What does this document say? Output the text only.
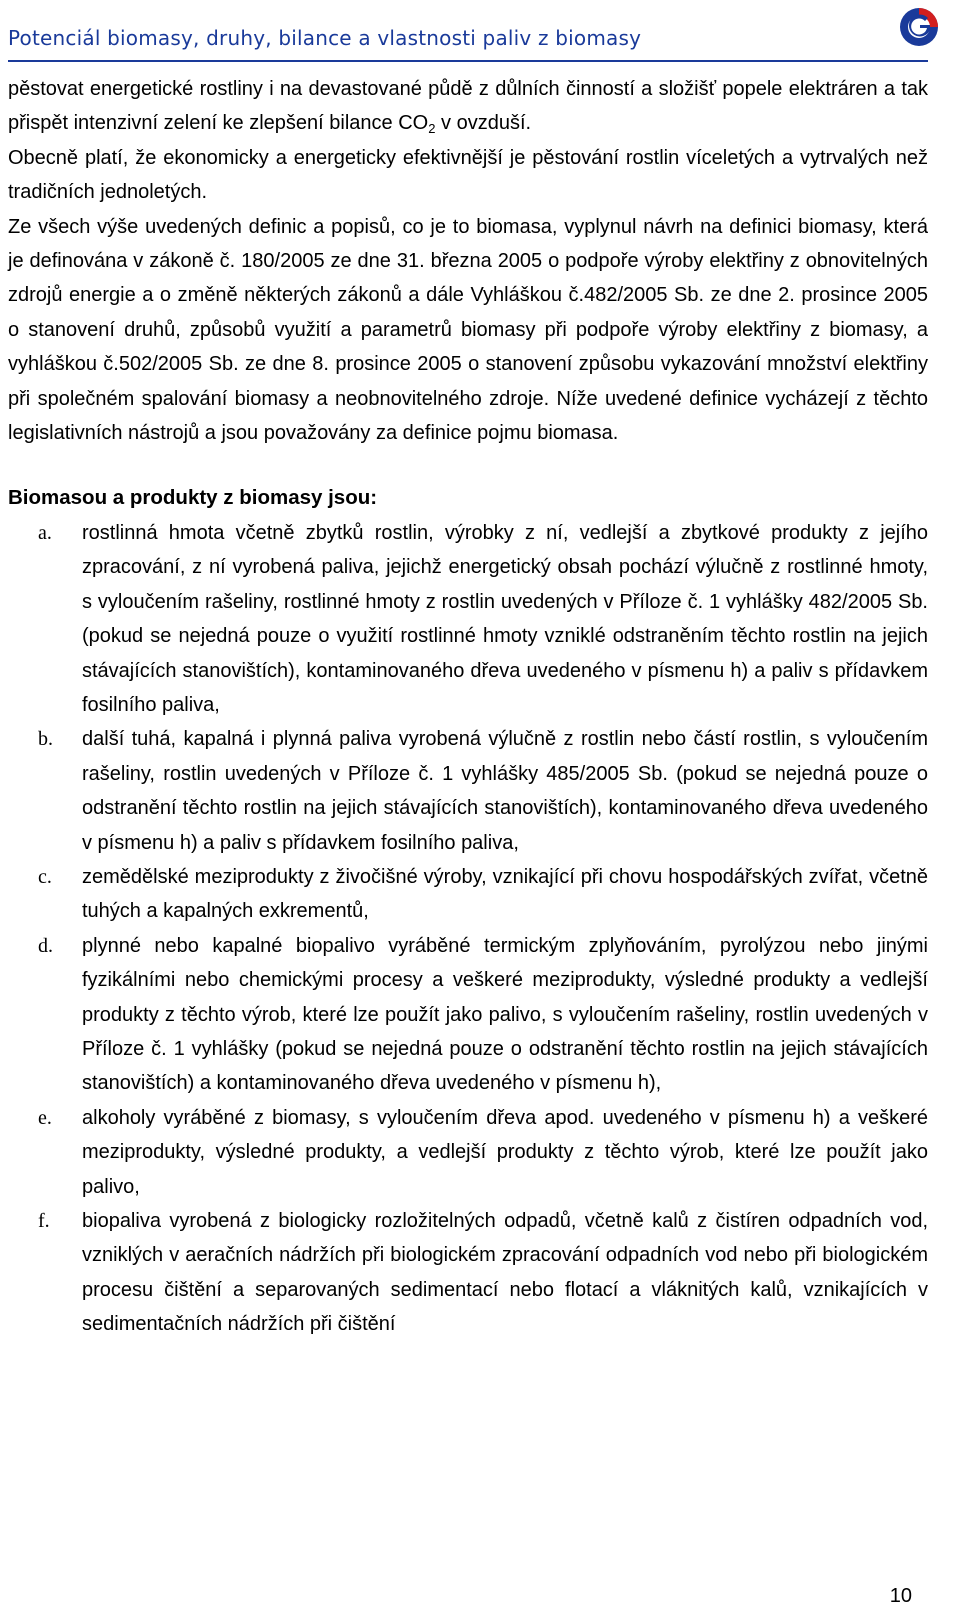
Potenciál biomasy, druhy, bilance a vlastnosti paliv z biomasy

pěstovat energetické rostliny i na devastované půdě z důlních činností a složišť popele elektráren a tak přispět intenzivní zelení ke zlepšení bilance $CO_2$ v ovzduší.

Obecně platí, že ekonomicky a energeticky efektivnější je pěstování rostlin víceletých a vytrvalých než tradičních jednoletých.

Ze všech výše uvedených definic a popisů, co je to biomasa, vyplynul návrh na definici biomasy, která je definována v zákoně č. 180/2005 ze dne 31. března 2005 o podpoře výroby elektřiny z obnovitelných zdrojů energie a o změně některých zákonů a dále Vyhláškou č.482/2005 Sb. ze dne 2. prosince 2005 o stanovení druhů, způsobů využití a parametrů biomasy při podpoře výroby elektřiny z biomasy, a vyhláškou č.502/2005 Sb. ze dne 8. prosince 2005 o stanovení způsobu vykazování množství elektřiny při společném spalování biomasy a neobnovitelného zdroje. Níže uvedené definice vycházejí z těchto legislativních nástrojů a jsou považovány za definice pojmu biomasa.

Biomasou a produkty z biomasy jsou:

a. rostlinná hmota včetně zbytků rostlin, výrobky z ní, vedlejší a zbytkové produkty z jejího zpracování, z ní vyrobená paliva, jejichž energetický obsah pochází výlučně z rostlinné hmoty, s vyloučením rašeliny, rostlinné hmoty z rostlin uvedených v Příloze č. 1 vyhlášky 482/2005 Sb.(pokud se nejedná pouze o využití rostlinné hmoty vzniklé odstraněním těchto rostlin na jejich stávajících stanovištích), kontaminovaného dřeva uvedeného v písmenu h) a paliv s přídavkem fosilního paliva,
b. další tuhá, kapalná i plynná paliva vyrobená výlučně z rostlin nebo částí rostlin, s vyloučením rašeliny, rostlin uvedených v Příloze č. 1 vyhlášky 485/2005 Sb. (pokud se nejedná pouze o odstranění těchto rostlin na jejich stávajících stanovištích), kontaminovaného dřeva uvedeného v písmenu h) a paliv s přídavkem fosilního paliva,
c. zemědělské meziprodukty z živočišné výroby, vznikající při chovu hospodářských zvířat, včetně tuhých a kapalných exkrementů,
d. plynné nebo kapalné biopalivo vyráběné termickým zplyňováním, pyrolýzou nebo jinými fyzikálními nebo chemickými procesy a veškeré meziprodukty, výsledné produkty a vedlejší produkty z těchto výrob, které lze použít jako palivo, s vyloučením rašeliny, rostlin uvedených v Příloze č. 1 vyhlášky (pokud se nejedná pouze o odstranění těchto rostlin na jejich stávajících stanovištích) a kontaminovaného dřeva uvedeného v písmenu h),
e. alkoholy vyráběné z biomasy, s vyloučením dřeva apod. uvedeného v písmenu h) a veškeré meziprodukty, výsledné produkty, a vedlejší produkty z těchto výrob, které lze použít jako palivo,
f. biopaliva vyrobená z biologicky rozložitelných odpadů, včetně kalů z čistíren odpadních vod, vzniklých v aeračních nádržích při biologickém zpracování odpadních vod nebo při biologickém procesu čištění a separovaných sedimentací nebo flotací a vláknitých kalů, vznikajících v sedimentačních nádržích při čištění
10
